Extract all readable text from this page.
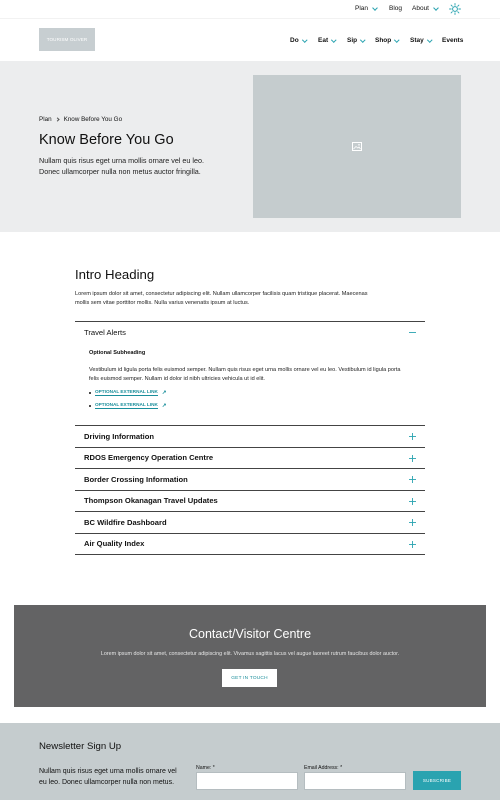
Plan	Blog About
TOURISM OLIVER	Do	Eat	Sip	Shop	Stay	Events
Plan Know Before You Go
Know Before You Go

Nullam quis risus eget urna mollis ornare vel eu leo. Donec ullamcorper nulla non metus auctor fringilla.

Intro Heading

Lorem ipsum dolor sit amet, consectetur adipiscing elit. Nullam ullamcorper facilisis quam tristique placerat. Maecenas mollis sem vitae porttitor mollis. Nulla varius venenatis ipsum at luctus.

Travel Alerts
Optional Subheading

Vestibulum id ligula porta felis euismod semper. Nullam quis risus eget urna mollis ornare vel eu leo. Vestibulum id ligula porta felis euismod semper. Nullam id dolor id nibh ultricies vehicula ut id elit.

OPTIONAL EXTERNAL LINK ↗
OPTIONAL EXTERNAL LINK ↗
Driving Information
RDOS Emergency Operation Centre
Border Crossing Information
Thompson Okanagan Travel Updates
BC Wildfire Dashboard
Air Quality Index
Contact/Visitor Centre

Lorem ipsum dolor sit amet, consectetur adipiscing elit. Vivamus sagittis lacus vel augue laoreet rutrum faucibus dolor auctor.

GET IN TOUCH
Newsletter Sign Up

Nullam quis risus eget urna mollis ornare vel eu leo. Donec ullamcorper nulla non metus.

Name: *	Email Address: *
SUBSCRIBE
